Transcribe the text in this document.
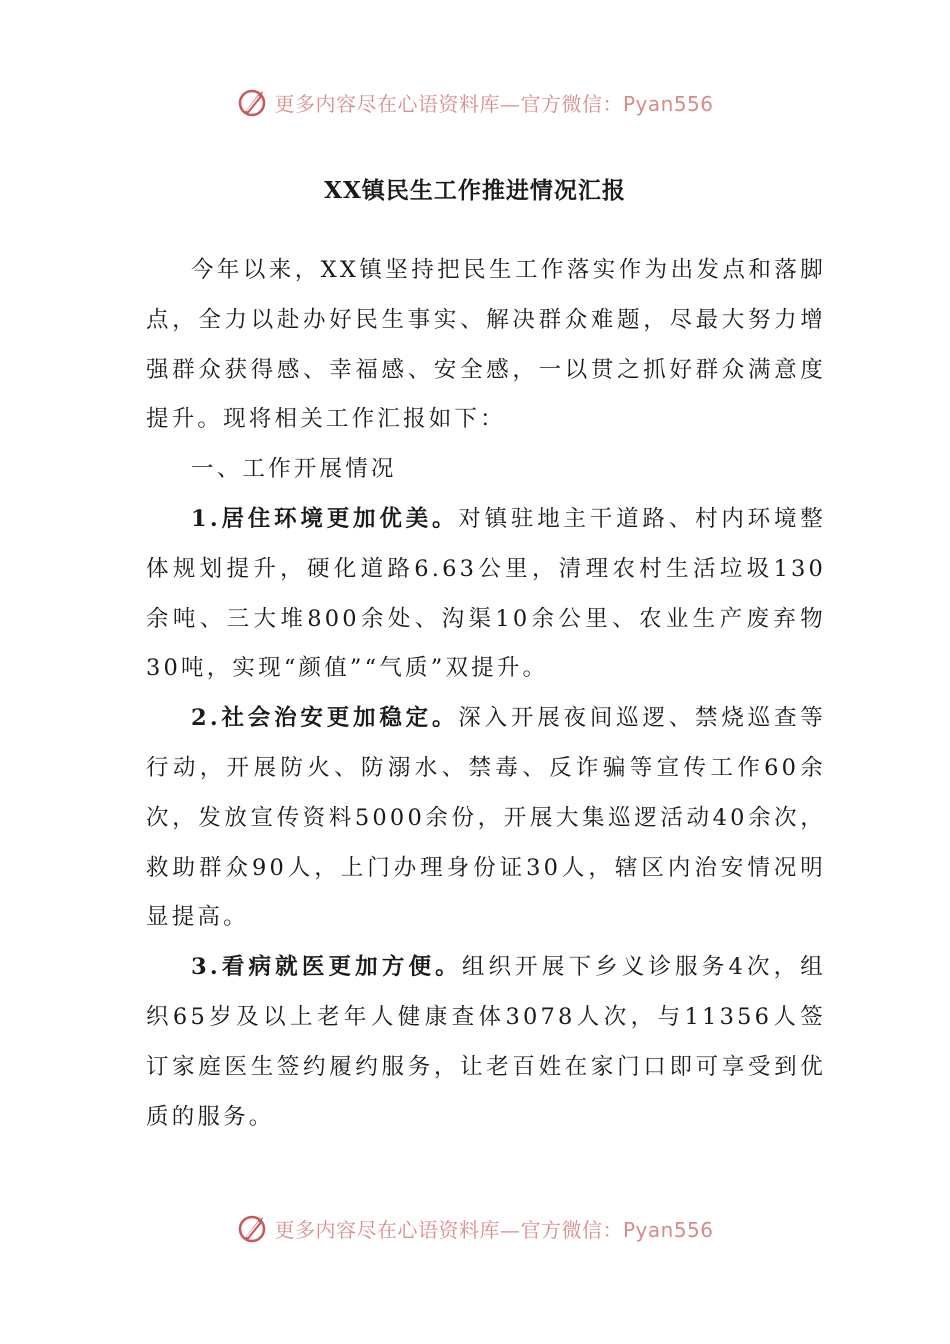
更多内容尽在心语资料库—官方微信：Pyan556
XX镇民生工作推进情况汇报

今年以来，XX镇坚持把民生工作落实作为出发点和落脚点，全力以赴办好民生事实、解决群众难题，尽最大努力增强群众获得感、幸福感、安全感，一以贯之抓好群众满意度提升。现将相关工作汇报如下：

一、工作开展情况

1.居住环境更加优美。对镇驻地主干道路、村内环境整体规划提升，硬化道路6.63公里，清理农村生活垃圾130余吨、三大堆800余处、沟渠10余公里、农业生产废弃物30吨，实现“颜值”“气质”双提升。

2.社会治安更加稳定。深入开展夜间巡逻、禁烧巡查等行动，开展防火、防溺水、禁毒、反诈骗等宣传工作60余次，发放宣传资料5000余份，开展大集巡逻活动40余次，救助群众90人，上门办理身份证30人，辖区内治安情况明显提高。

3.看病就医更加方便。组织开展下乡义诊服务4次，组织65岁及以上老年人健康查体3078人次，与11356人签订家庭医生签约履约服务，让老百姓在家门口即可享受到优质的服务。

更多内容尽在心语资料库—官方微信：Pyan556
